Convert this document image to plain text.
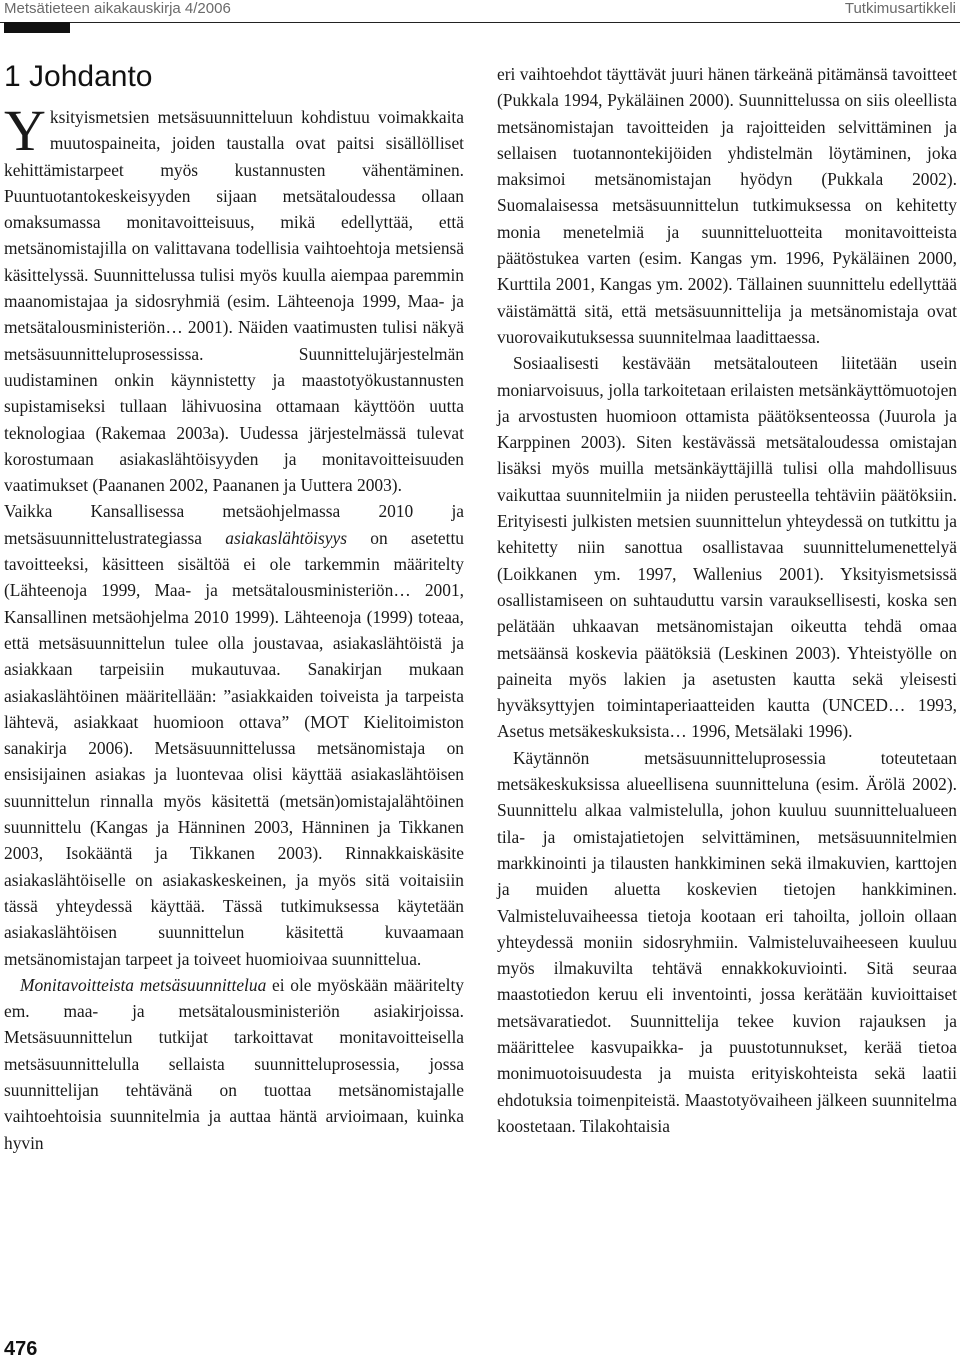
Metsätieteen aikakauskirja 4/2006	Tutkimusartikkeli
1 Johdanto

Yksityismetsien metsäsuunnitteluun kohdistuu voimakkaita muutospaineita, joiden taustalla ovat paitsi sisällölliset kehittämistarpeet myös kustannusten vähentäminen. Puuntuotantokeskeisyyden sijaan metsätaloudessa ollaan omaksumassa monitavoitteisuus, mikä edellyttää, että metsänomistajilla on valittavana todellisia vaihtoehtoja metsiensä käsittelyssä. Suunnittelussa tulisi myös kuulla aiempaa paremmin maanomistajaa ja sidosryhmiä (esim. Lähteenoja 1999, Maa- ja metsätalousministeriön… 2001). Näiden vaatimusten tulisi näkyä metsäsuunnitteluprosessissa. Suunnittelujärjestelmän uudistaminen onkin käynnistetty ja maastotyökustannusten supistamiseksi tullaan lähivuosina ottamaan käyttöön uutta teknologiaa (Rakemaa 2003a). Uudessa järjestelmässä tulevat korostumaan asiakaslähtöisyyden ja monitavoitteisuuden vaatimukset (Paananen 2002, Paananen ja Uuttera 2003).

Vaikka Kansallisessa metsäohjelmassa 2010 ja metsäsuunnittelustrategiassa asiakaslähtöisyys on asetettu tavoitteeksi, käsitteen sisältöä ei ole tarkemmin määritelty (Lähteenoja 1999, Maa- ja metsätalousministeriön… 2001, Kansallinen metsäohjelma 2010 1999). Lähteenoja (1999) toteaa, että metsäsuunnittelun tulee olla joustavaa, asiakaslähtöistä ja asiakkaan tarpeisiin mukautuvaa. Sanakirjan mukaan asiakaslähtöinen määritellään: ”asiakkaiden toiveista ja tarpeista lähtevä, asiakkaat huomioon ottava” (MOT Kielitoimiston sanakirja 2006). Metsäsuunnittelussa metsänomistaja on ensisijainen asiakas ja luontevaa olisi käyttää asiakaslähtöisen suunnittelun rinnalla myös käsitettä (metsän)omistajalähtöinen suunnittelu (Kangas ja Hänninen 2003, Hänninen ja Tikkanen 2003, Isokääntä ja Tikkanen 2003). Rinnakkaiskäsite asiakaslähtöiselle on asiakaskeskeinen, ja myös sitä voitaisiin tässä yhteydessä käyttää. Tässä tutkimuksessa käytetään asiakaslähtöisen suunnittelun käsitettä kuvaamaan metsänomistajan tarpeet ja toiveet huomioivaa suunnittelua.

Monitavoitteista metsäsuunnittelua ei ole myöskään määritelty em. maa- ja metsätalousministeriön asiakirjoissa. Metsäsuunnittelun tutkijat tarkoittavat monitavoitteisella metsäsuunnittelulla sellaista suunnitteluprosessia, jossa suunnittelijan tehtävänä on tuottaa metsänomistajalle vaihtoehtoisia suunnitelmia ja auttaa häntä arvioimaan, kuinka hyvin

eri vaihtoehdot täyttävät juuri hänen tärkeänä pitämänsä tavoitteet (Pukkala 1994, Pykäläinen 2000). Suunnittelussa on siis oleellista metsänomistajan tavoitteiden ja rajoitteiden selvittäminen ja sellaisen tuotannontekijöiden yhdistelmän löytäminen, joka maksimoi metsänomistajan hyödyn (Pukkala 2002). Suomalaisessa metsäsuunnittelun tutkimuksessa on kehitetty monia menetelmiä ja suunnitteluotteita monitavoitteista päätöstukea varten (esim. Kangas ym. 1996, Pykäläinen 2000, Kurttila 2001, Kangas ym. 2002). Tällainen suunnittelu edellyttää väistämättä sitä, että metsäsuunnittelija ja metsänomistaja ovat vuorovaikutuksessa suunnitelmaa laadittaessa.

Sosiaalisesti kestävään metsätalouteen liitetään usein moniarvoisuus, jolla tarkoitetaan erilaisten metsänkäyttömuotojen ja arvostusten huomioon ottamista päätöksenteossa (Juurola ja Karppinen 2003). Siten kestävässä metsätaloudessa omistajan lisäksi myös muilla metsänkäyttäjillä tulisi olla mahdollisuus vaikuttaa suunnitelmiin ja niiden perusteella tehtäviin päätöksiin. Erityisesti julkisten metsien suunnittelun yhteydessä on tutkittu ja kehitetty niin sanottua osallistavaa suunnittelumenettelyä (Loikkanen ym. 1997, Wallenius 2001). Yksityismetsissä osallistamiseen on suhtauduttu varsin varauksellisesti, koska sen pelätään uhkaavan metsänomistajan oikeutta tehdä omaa metsäänsä koskevia päätöksiä (Leskinen 2003). Yhteistyölle on paineita myös lakien ja asetusten kautta sekä yleisesti hyväksyttyjen toimintaperiaatteiden kautta (UNCED… 1993, Asetus metsäkeskuksista… 1996, Metsälaki 1996).

Käytännön metsäsuunnitteluprosessia toteutetaan metsäkeskuksissa alueellisena suunnitteluna (esim. Ärölä 2002). Suunnittelu alkaa valmistelulla, johon kuuluu suunnittelualueen tila- ja omistajatietojen selvittäminen, metsäsuunnitelmien markkinointi ja tilausten hankkiminen sekä ilmakuvien, karttojen ja muiden aluetta koskevien tietojen hankkiminen. Valmisteluvaiheessa tietoja kootaan eri tahoilta, jolloin ollaan yhteydessä moniin sidosryhmiin. Valmisteluvaiheeseen kuuluu myös ilmakuvilta tehtävä ennakkokuviointi. Sitä seuraa maastotiedon keruu eli inventointi, jossa kerätään kuvioittaiset metsävaratiedot. Suunnittelija tekee kuvion rajauksen ja määrittelee kasvupaikka- ja puustotunnukset, kerää tietoa monimuotoisuudesta ja muista erityiskohteista sekä laatii ehdotuksia toimenpiteistä. Maastotyövaiheen jälkeen suunnitelma koostetaan. Tilakohtaisia

476
